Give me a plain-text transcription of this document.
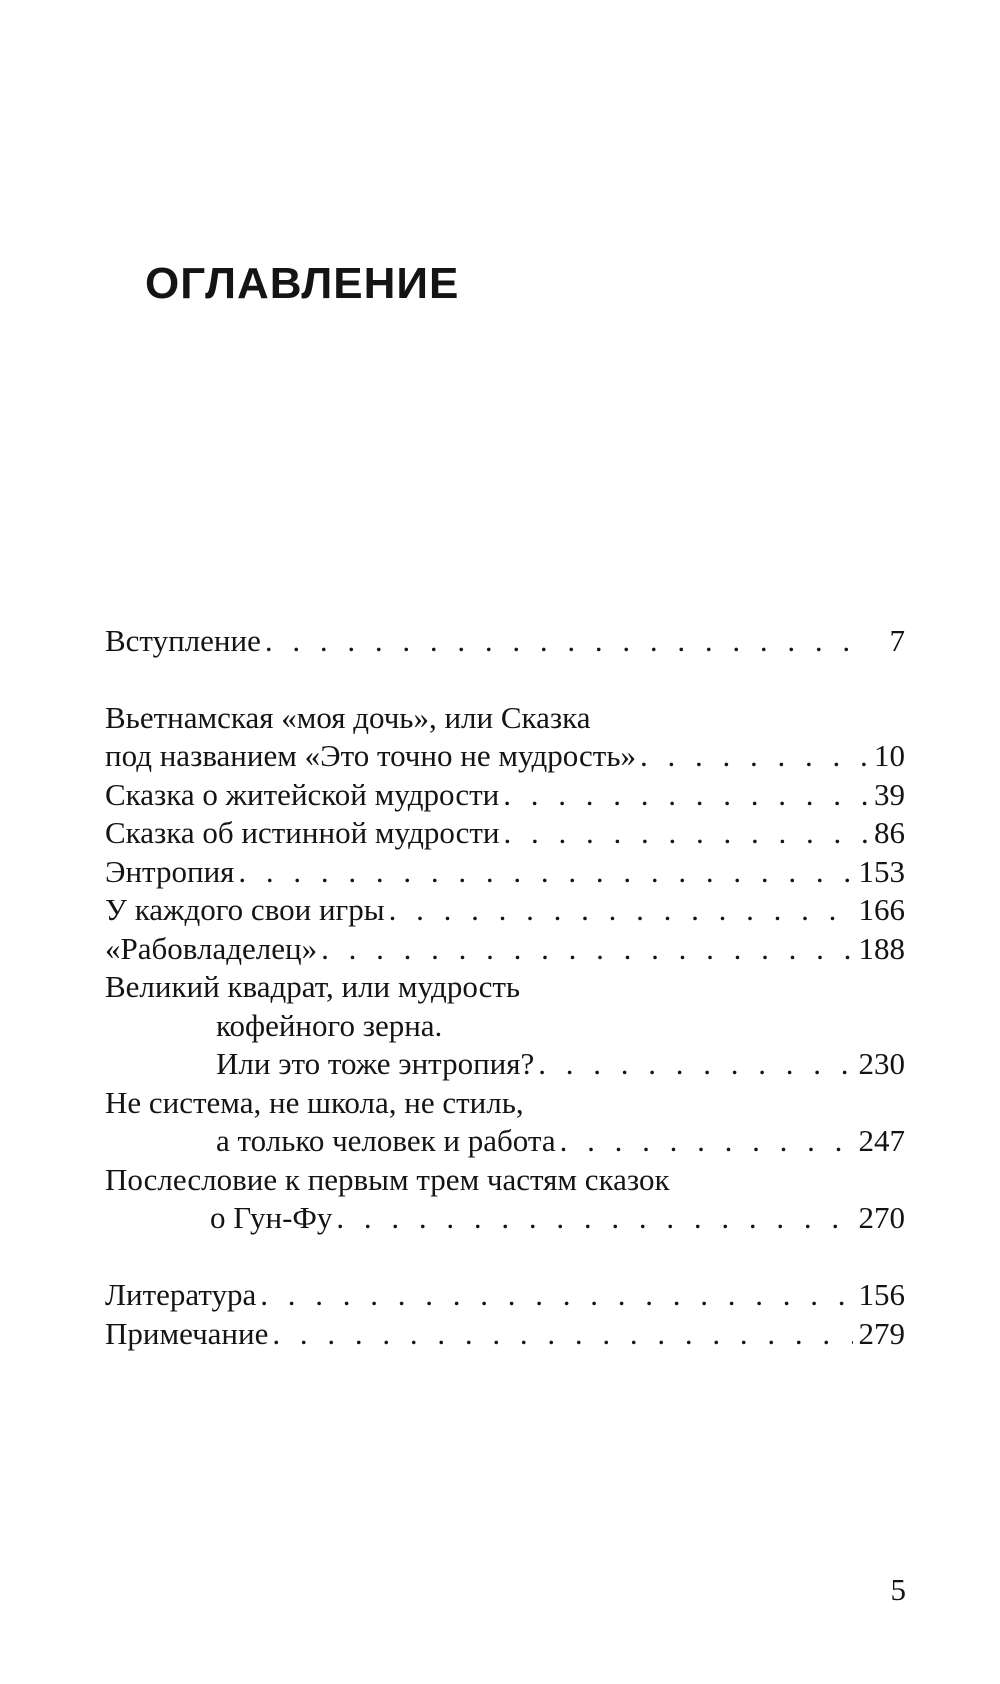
ОГЛАВЛЕНИЕ
Вступление . . .	7
Вьетнамская «моя дочь», или Сказка
под названием «Это точно не мудрость» . . .	10
Сказка о житейской мудрости . . .	39
Сказка об истинной мудрости . . .	86
Энтропия . . .	153
У каждого свои игры . . .	166
«Рабовладелец» . . .	188
Великий квадрат, или мудрость
кофейного зерна.
Или это тоже энтропия? . . .	230
Не система, не школа, не стиль,
а только человек и работа . . .	247
Послесловие к первым трем частям сказок
о Гун-Фу . . .	270
Литература . . .	156
Примечание . . .	279
5
